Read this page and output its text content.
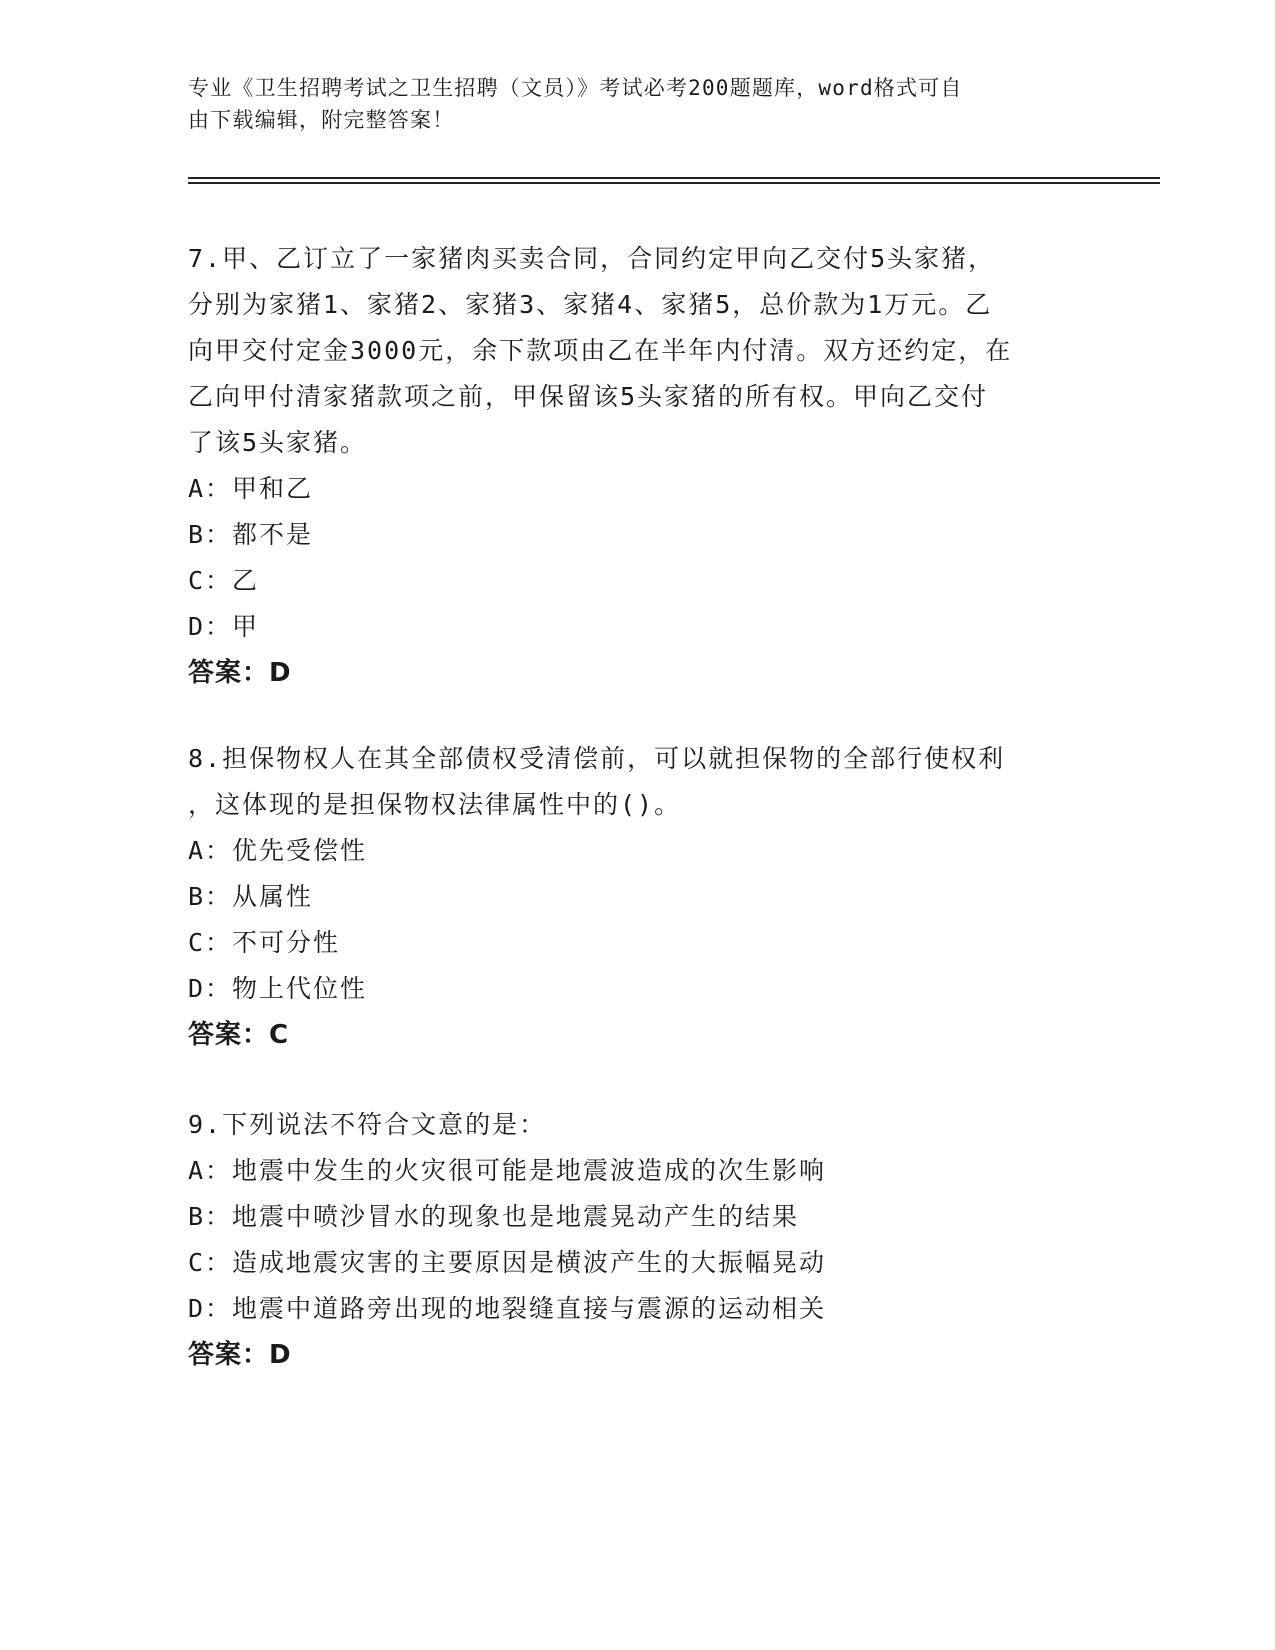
专业《卫生招聘考试之卫生招聘（文员）》考试必考200题题库，word格式可自
由下载编辑，附完整答案！
7.甲、乙订立了一家猪肉买卖合同，合同约定甲向乙交付5头家猪，
分别为家猪1、家猪2、家猪3、家猪4、家猪5，总价款为1万元。乙
向甲交付定金3000元，余下款项由乙在半年内付清。双方还约定，在
乙向甲付清家猪款项之前，甲保留该5头家猪的所有权。甲向乙交付
了该5头家猪。
A：甲和乙
B：都不是
C：乙
D：甲
答案：D
8.担保物权人在其全部债权受清偿前，可以就担保物的全部行使权利
，这体现的是担保物权法律属性中的()。
A：优先受偿性
B：从属性
C：不可分性
D：物上代位性
答案：C
9.下列说法不符合文意的是：
A：地震中发生的火灾很可能是地震波造成的次生影响
B：地震中喷沙冒水的现象也是地震晃动产生的结果
C：造成地震灾害的主要原因是横波产生的大振幅晃动
D：地震中道路旁出现的地裂缝直接与震源的运动相关
答案：D
